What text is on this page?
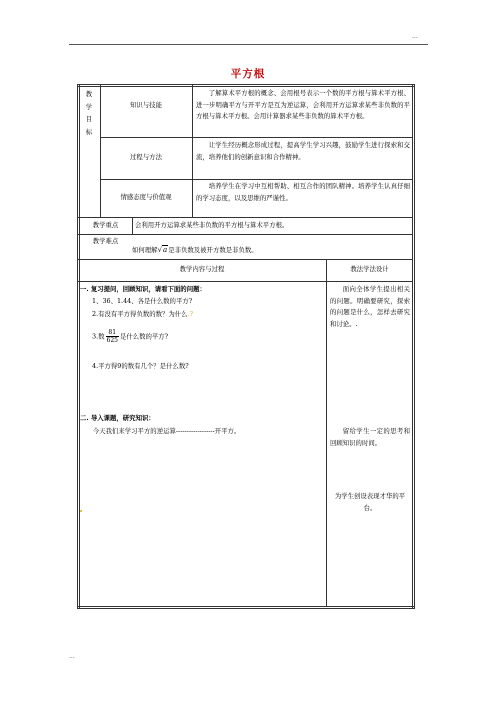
...
平方根
教学目标
知识与技能
了解算术平方根的概念、会用根号表示一个数的平方根与算术平方根、进一步明确平方与开平方是互为逆运算，会利用开方运算求某些非负数的平方根与算术平方根。会用计算器求某些非负数的算术平方根。
过程与方法
让学生经历概念形成过程，提高学生学习兴趣，鼓励学生进行探索和交流，培养他们的创新意识和合作精神。
情感态度与价值观
培养学生在学习中互相帮助、相互合作的团队精神。培养学生认真仔细的学习态度，以及思维的严谨性。
教学重点	会利用开方运算求某些非负数的平方根与算术平方根。
教学难点
如何理解√a是非负数及被开方数是非负数。
教学内容与过程	教法学法设计
一. 复习提问，回顾知识，请看下面的问题：
1、36、1.44、各是什么数的平方?
2.有没有平方得负数的数？为什么.?
3.数 $\frac{81}{625}$ 是什么数的平方?
4.平方得9的数有几个？是什么数?
二. 导入课题，研究知识：
今天我们来学习平方的逆运算------------------开平方。
面向全体学生提出相关的问题。明确要研究，探索的问题是什么，怎样去研究和讨论。.
留给学生一定的思考和回顾知识的时间。
为学生创设表现才华的平台。
...
